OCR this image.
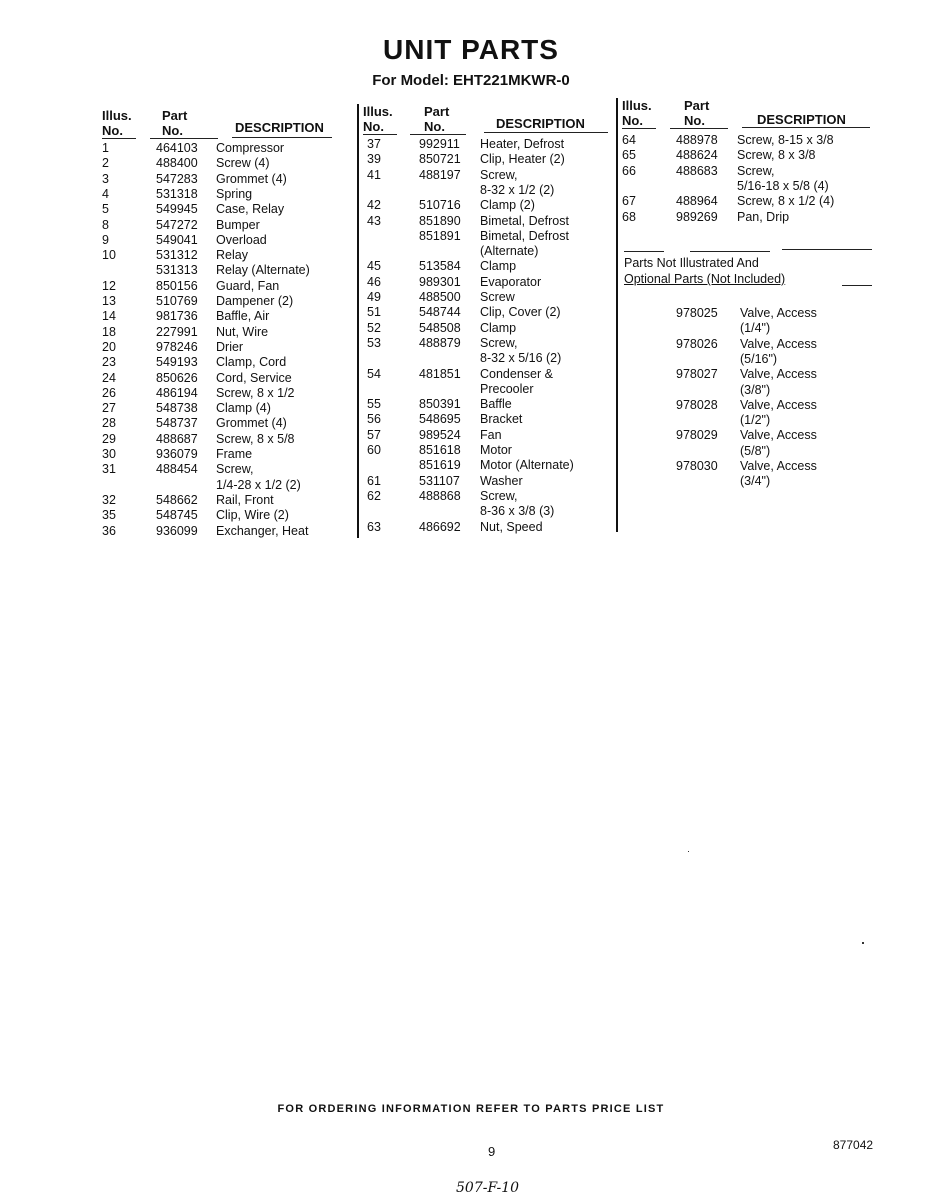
UNIT PARTS
For Model: EHT221MKWR-0
Illus.
No.
Part
No.	DESCRIPTION
1	464103 Compressor
2	488400 Screw (4)
3	547283 Grommet (4)
4	531318 Spring
5	549945 Case, Relay
8	547272 Bumper
9	549041 Overload
10	531312 Relay
531313 Relay (Alternate)
12	850156 Guard, Fan
13	510769 Dampener (2)
14	981736 Baffle, Air
18	227991 Nut, Wire
20	978246 Drier
23	549193 Clamp, Cord
24	850626 Cord, Service
26	486194 Screw, 8 x 1/2
27	548738 Clamp (4)
28	548737 Grommet (4)
29	488687 Screw, 8 x 5/8
30	936079 Frame
31	488454 Screw,
1/4-28 x 1/2 (2)
32	548662 Rail, Front
35	548745 Clip, Wire (2)
36	936099 Exchanger, Heat
Illus.
No.
Part
No.	DESCRIPTION
37	992911 Heater, Defrost
39	850721 Clip, Heater (2)
41	488197 Screw,
8-32 x 1/2 (2)
42	510716 Clamp (2)
43	851890 Bimetal, Defrost
851891 Bimetal, Defrost
(Alternate)
45	513584 Clamp
46	989301 Evaporator
49	488500 Screw
51	548744 Clip, Cover (2)
52	548508 Clamp
53	488879 Screw,
8-32 x 5/16 (2)
54	481851 Condenser &
Precooler
55	850391 Baffle
56	548695 Bracket
57	989524 Fan
60	851618 Motor
851619 Motor (Alternate)
61	531107 Washer
62	488868 Screw,
8-36 x 3/8 (3)
63	486692 Nut, Speed
Illus.
No.
Part
No.	DESCRIPTION
64	488978 Screw, 8-15 x 3/8
65	488624 Screw, 8 x 3/8
66	488683 Screw,
5/16-18 x 5/8 (4)
67	488964 Screw, 8 x 1/2 (4)
68	989269 Pan, Drip
Parts Not Illustrated And
Optional Parts (Not Included)
978025 Valve, Access
(1/4")
978026 Valve, Access
(5/16")
978027 Valve, Access
(3/8")
978028 Valve, Access
(1/2")
978029 Valve, Access
(5/8")
978030 Valve, Access
(3/4")
FOR ORDERING INFORMATION REFER TO PARTS PRICE LIST
9	877042
507-F-10
